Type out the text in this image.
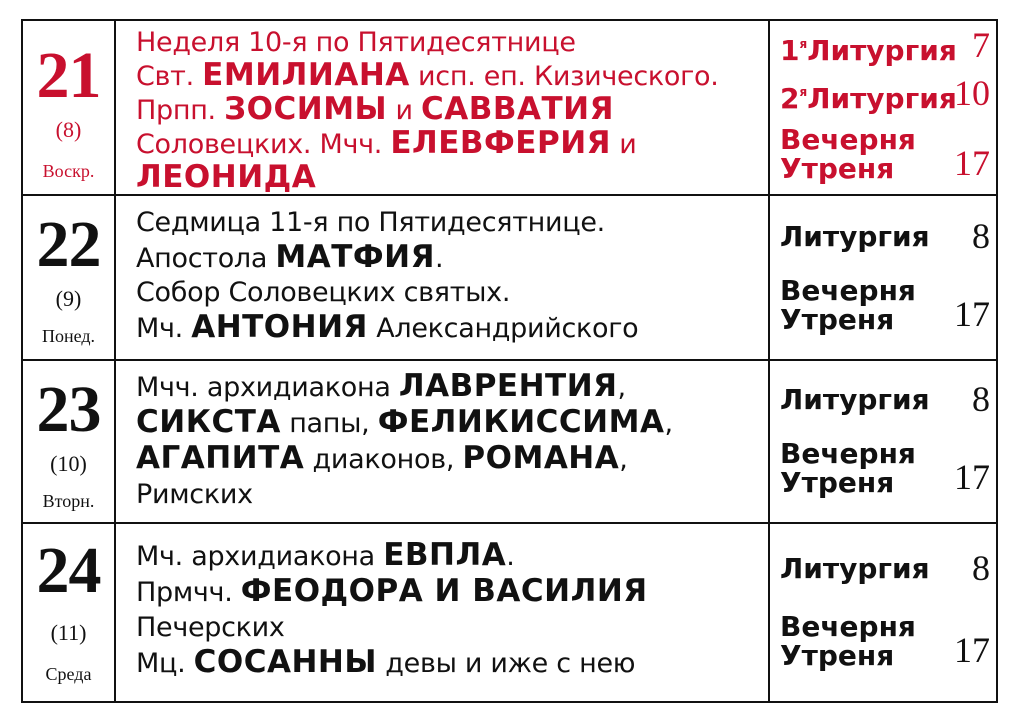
21
(8)
Воскр.
Неделя 10-я по Пятидесятнице
Свт. ЕМИЛИАНА исп. еп. Кизического.
Прпп. ЗОСИМЫ и САВВАТИЯ
Соловецких. Мчч. ЕЛЕВФЕРИЯ и
ЛЕОНИДА
$1^яЛитургия$ 7
$2^яЛитургия$
10
Вечерня
Утреня 17
22
(9)
Понед.
Седмица 11-я по Пятидесятнице.
Апостола МАТФИЯ.
Собор Соловецких святых.
Мч. АНТОНИЯ Александрийского
Литургия 8
Вечерня
Утреня 17
23
(10)
Вторн.
Мчч. архидиакона ЛАВРЕНТИЯ,
СИКСТА папы, ФЕЛИКИССИМА,
АГАПИТА диаконов, РОМАНА,
Римских
Литургия 8
Вечерня
Утреня 17
24
(11)
Среда
Мч. архидиакона ЕВПЛА.
Прмчч. ФЕОДОРА И ВАСИЛИЯ
Печерских
Мц. СОСАННЫ девы и иже с нею
Литургия 8
Вечерня
Утреня 17
